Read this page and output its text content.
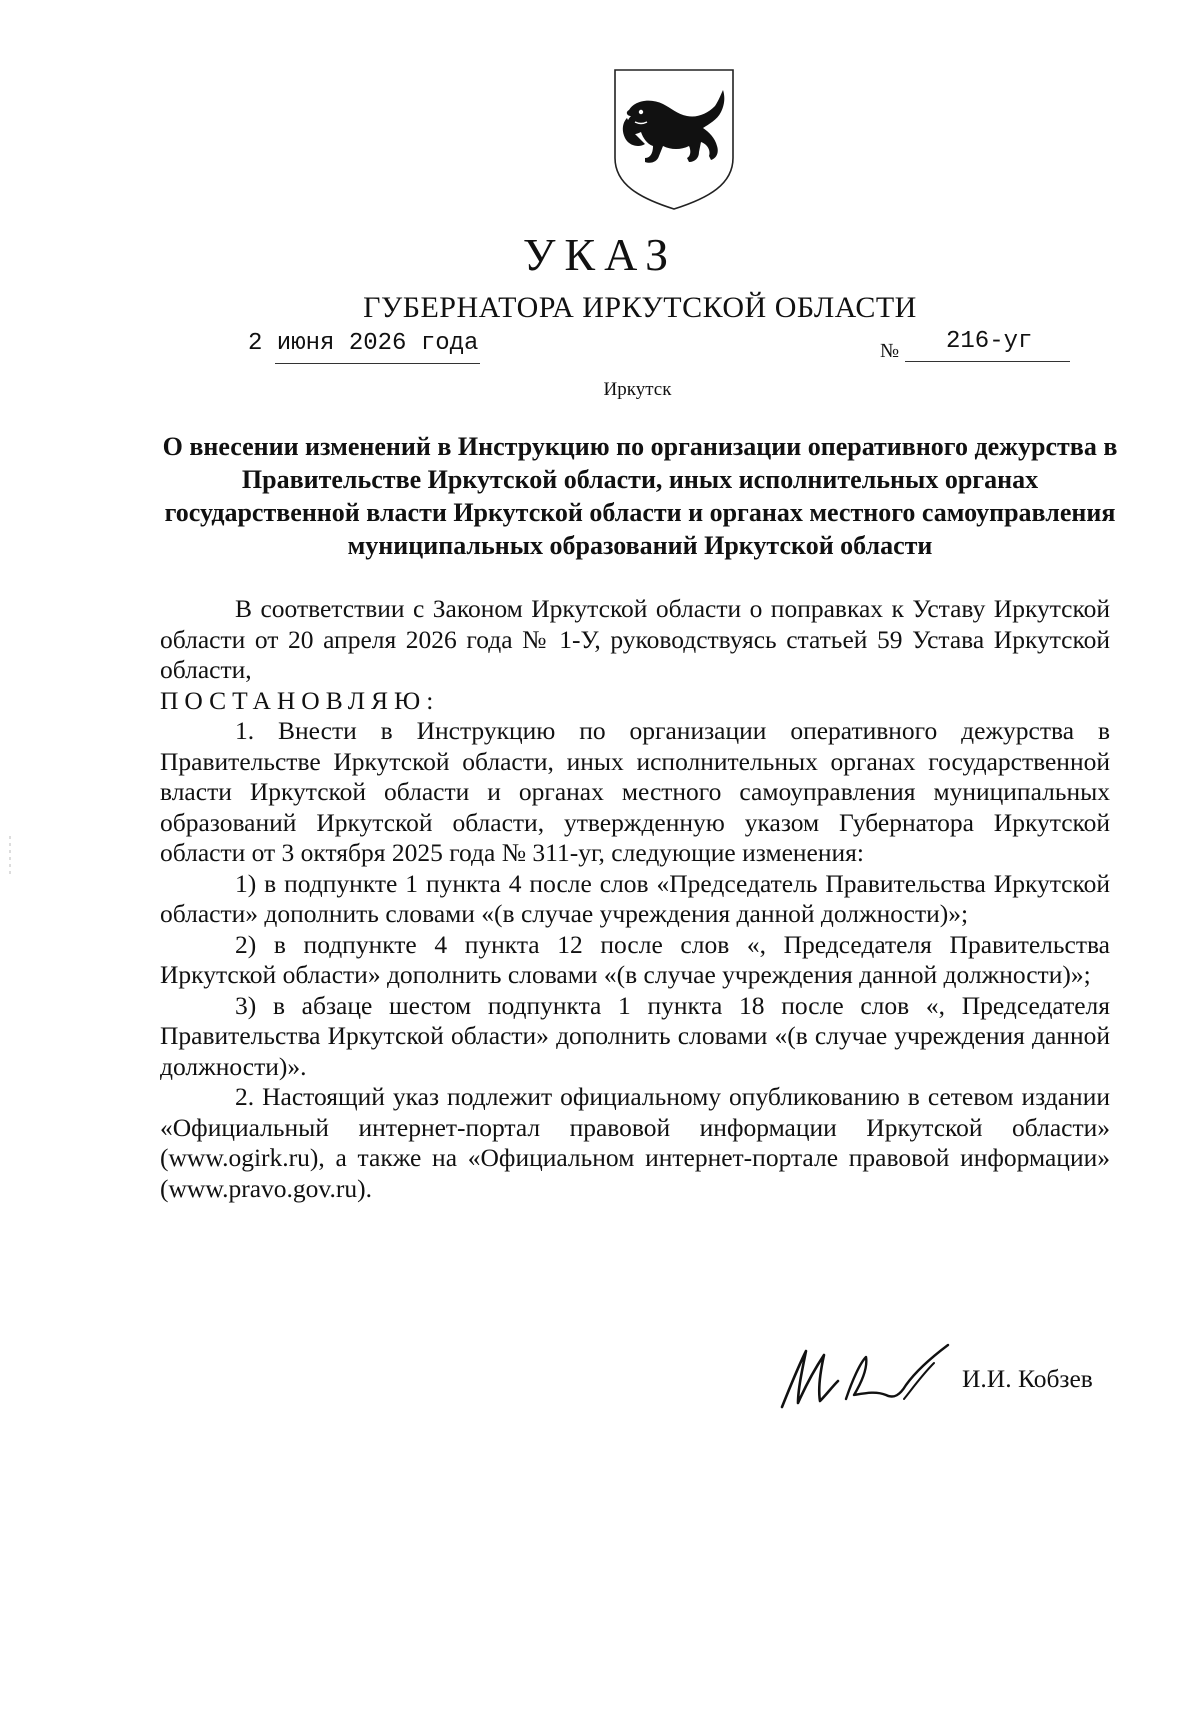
УКАЗ
ГУБЕРНАТОРА ИРКУТСКОЙ ОБЛАСТИ
2 июня 2026 года	№ 216-уг
Иркутск
О внесении изменений в Инструкцию по организации оперативного дежурства в Правительстве Иркутской области, иных исполнительных органах государственной власти Иркутской области и органах местного самоуправления муниципальных образований Иркутской области

В соответствии с Законом Иркутской области о поправках к Уставу Иркутской области от 20 апреля 2026 года № 1-У, руководствуясь статьей 59 Устава Иркутской области,

ПОСТАНОВЛЯЮ:

1. Внести в Инструкцию по организации оперативного дежурства в Правительстве Иркутской области, иных исполнительных органах государственной власти Иркутской области и органах местного самоуправления муниципальных образований Иркутской области, утвержденную указом Губернатора Иркутской области от 3 октября 2025 года № 311-уг, следующие изменения:

1) в подпункте 1 пункта 4 после слов «Председатель Правительства Иркутской области» дополнить словами «(в случае учреждения данной должности)»;

2) в подпункте 4 пункта 12 после слов «, Председателя Правительства Иркутской области» дополнить словами «(в случае учреждения данной должности)»;

3) в абзаце шестом подпункта 1 пункта 18 после слов «, Председателя Правительства Иркутской области» дополнить словами «(в случае учреждения данной должности)».

2. Настоящий указ подлежит официальному опубликованию в сетевом издании «Официальный интернет-портал правовой информации Иркутской области» (www.ogirk.ru), а также на «Официальном интернет-портале правовой информации» (www.pravo.gov.ru).

И.И. Кобзев
